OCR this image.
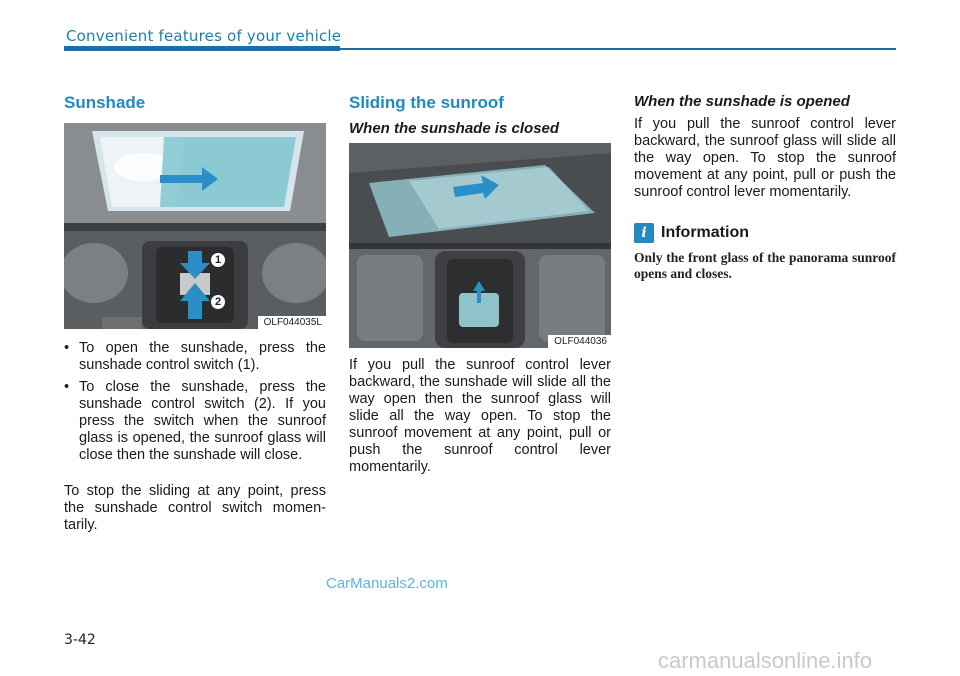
Convenient features of your vehicle
Sunshade
1
2
OLF044035L
• To open the sunshade, press the sunshade control switch (1).
• To close the sunshade, press the sunshade control switch (2). If you press the switch when the sunroof glass is opened, the sunroof glass will close then the sunshade will close.

To stop the sliding at any point, press the sunshade control switch momen-tarily.

Sliding the sunroof
When the sunshade is closed
OLF044036

If you pull the sunroof control lever backward, the sunshade will slide all the way open then the sunroof glass will slide all the way open. To stop the sunroof movement at any point, pull or push the sunroof control lever momentarily.

When the sunshade is opened

If you pull the sunroof control lever backward, the sunroof glass will slide all the way open. To stop the sunroof movement at any point, pull or push the sunroof control lever momentarily.

i Information

Only the front glass of the panorama sunroof opens and closes.

CarManuals2.com
3-42
carmanualsonline.info
